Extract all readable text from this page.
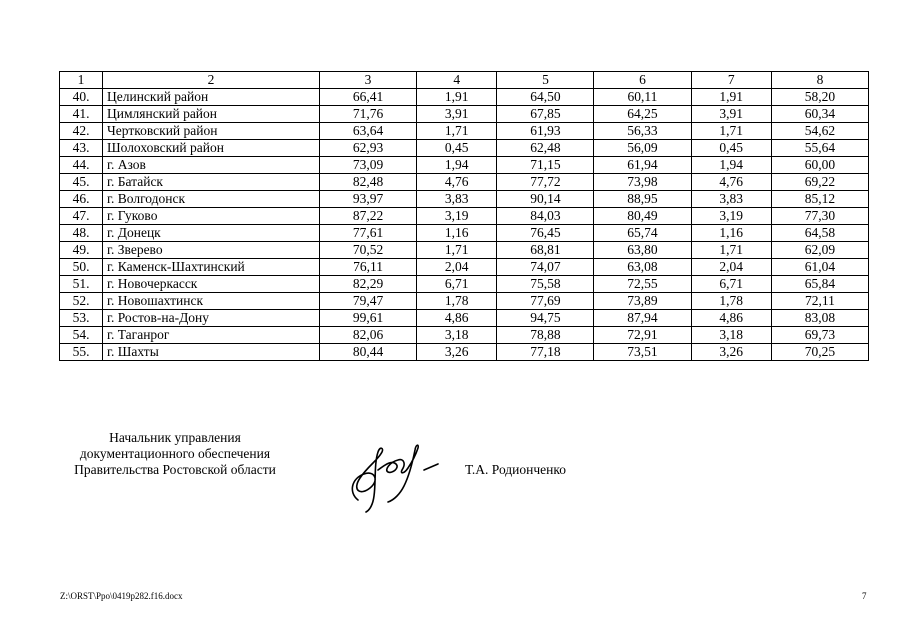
1	2	3	4	5	6	7	8
40.	Целинский район	66,41	1,91	64,50	60,11	1,91	58,20
41.	Цимлянский район	71,76	3,91	67,85	64,25	3,91	60,34
42.	Чертковский район	63,64	1,71	61,93	56,33	1,71	54,62
43.	Шолоховский район	62,93	0,45	62,48	56,09	0,45	55,64
44.	г. Азов	73,09	1,94	71,15	61,94	1,94	60,00
45.	г. Батайск	82,48	4,76	77,72	73,98	4,76	69,22
46.	г. Волгодонск	93,97	3,83	90,14	88,95	3,83	85,12
47.	г. Гуково	87,22	3,19	84,03	80,49	3,19	77,30
48.	г. Донецк	77,61	1,16	76,45	65,74	1,16	64,58
49.	г. Зверево	70,52	1,71	68,81	63,80	1,71	62,09
50.	г. Каменск-Шахтинский	76,11	2,04	74,07	63,08	2,04	61,04
51.	г. Новочеркасск	82,29	6,71	75,58	72,55	6,71	65,84
52.	г. Новошахтинск	79,47	1,78	77,69	73,89	1,78	72,11
53.	г. Ростов-на-Дону	99,61	4,86	94,75	87,94	4,86	83,08
54.	г. Таганрог	82,06	3,18	78,88	72,91	3,18	69,73
55.	г. Шахты	80,44	3,26	77,18	73,51	3,26	70,25
Начальник управления
документационного обеспечения
Правительства Ростовской области	Т.А. Родионченко
Z:\ORST\Ppo\0419p282.f16.docx	7
